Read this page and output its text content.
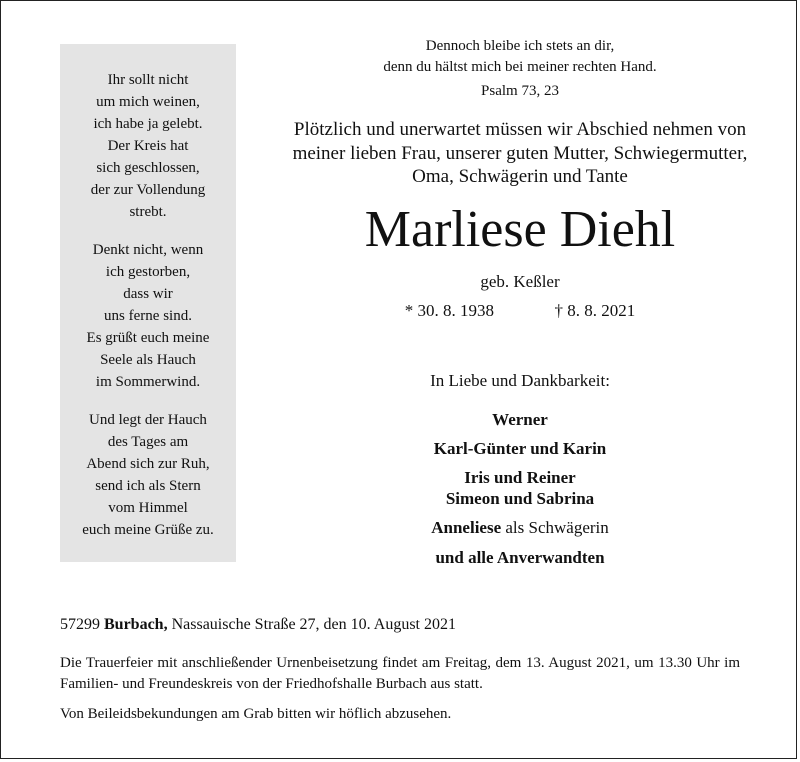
Ihr sollt nicht
um mich weinen,
ich habe ja gelebt.
Der Kreis hat
sich geschlossen,
der zur Vollendung
strebt.
Denkt nicht, wenn
ich gestorben,
dass wir
uns ferne sind.
Es grüßt euch meine
Seele als Hauch
im Sommerwind.
Und legt der Hauch
des Tages am
Abend sich zur Ruh,
send ich als Stern
vom Himmel
euch meine Grüße zu.
Dennoch bleibe ich stets an dir,
denn du hältst mich bei meiner rechten Hand.
Psalm 73, 23
Plötzlich und unerwartet müssen wir Abschied nehmen von
meiner lieben Frau, unserer guten Mutter, Schwiegermutter,
Oma, Schwägerin und Tante
Marliese Diehl
geb. Keßler
* 30. 8. 1938	† 8. 8. 2021
In Liebe und Dankbarkeit:
Werner
Karl-Günter und Karin
Iris und Reiner
Simeon und Sabrina
Anneliese als Schwägerin
und alle Anverwandten
57299 Burbach, Nassauische Straße 27, den 10. August 2021
Die Trauerfeier mit anschließender Urnenbeisetzung findet am Freitag, dem 13. August 2021, um 13.30 Uhr im Familien- und Freundeskreis von der Friedhofshalle Burbach aus statt.
Von Beileidsbekundungen am Grab bitten wir höflich abzusehen.
